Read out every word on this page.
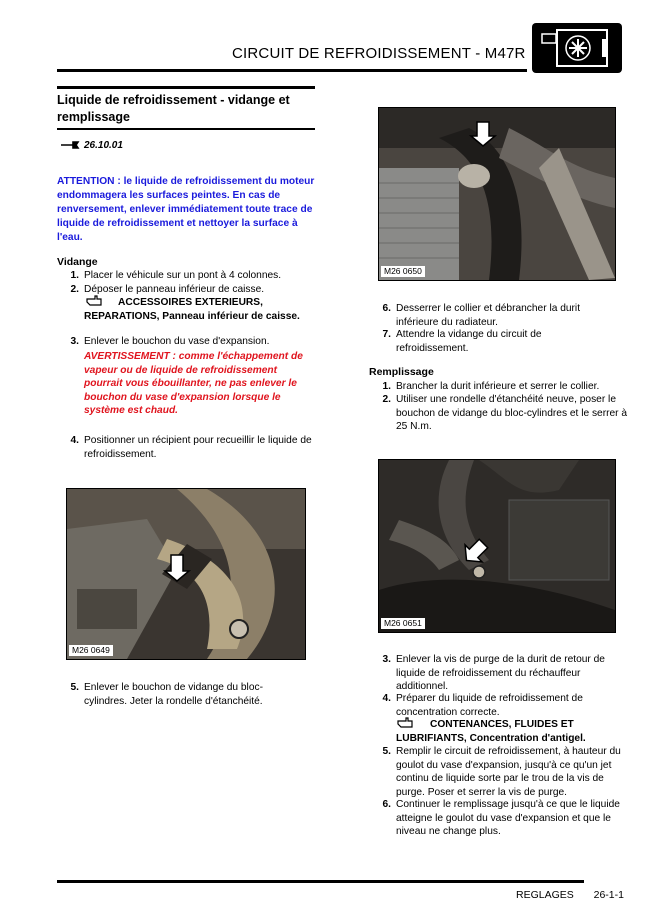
CIRCUIT DE REFROIDISSEMENT - M47R
Liquide de refroidissement - vidange et remplissage
26.10.01
ATTENTION : le liquide de refroidissement du moteur endommagera les surfaces peintes. En cas de renversement, enlever immédiatement toute trace de liquide de refroidissement et nettoyer la surface à l'eau.
Vidange
1. Placer le véhicule sur un pont à 4 colonnes.
2. Déposer le panneau inférieur de caisse.
ACCESSOIRES EXTERIEURS, REPARATIONS, Panneau inférieur de caisse.
3. Enlever le bouchon du vase d'expansion.
AVERTISSEMENT : comme l'échappement de vapeur ou de liquide de refroidissement pourrait vous ébouillanter, ne pas enlever le bouchon du vase d'expansion lorsque le système est chaud.
4. Positionner un récipient pour recueillir le liquide de refroidissement.
M26 0649
5. Enlever le bouchon de vidange du bloc-cylindres. Jeter la rondelle d'étanchéité.
M26 0650
6. Desserrer le collier et débrancher la durit inférieure du radiateur.
7. Attendre la vidange du circuit de refroidissement.
Remplissage
1. Brancher la durit inférieure et serrer le collier.
2. Utiliser une rondelle d'étanchéité neuve, poser le bouchon de vidange du bloc-cylindres et le serrer à 25 N.m.
M26 0651
3. Enlever la vis de purge de la durit de retour de liquide de refroidissement du réchauffeur additionnel.
4. Préparer du liquide de refroidissement de concentration correcte.
CONTENANCES, FLUIDES ET LUBRIFIANTS, Concentration d'antigel.
5. Remplir le circuit de refroidissement, à hauteur du goulot du vase d'expansion, jusqu'à ce qu'un jet continu de liquide sorte par le trou de la vis de purge. Poser et serrer la vis de purge.
6. Continuer le remplissage jusqu'à ce que le liquide atteigne le goulot du vase d'expansion et que le niveau ne change plus.
REGLAGES 26-1-1
